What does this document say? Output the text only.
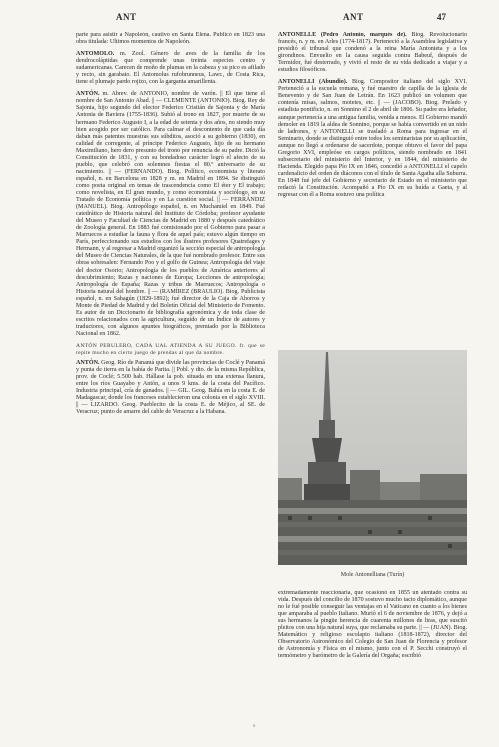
ANT	ANT	47

parte para asistir a Napoleón, cautivo en Santa Elena. Publicó en 1823 una obra titulada: Ultimos momentos de Napoleón.

ANTOMOLO. m. Zool. Género de aves de la familia de los dendrocoláptidas que comprende unas treinta especies centro y sudamericanas. Carecen de moño de plumas en la cabeza y su pico es afilado y recto, sin garabato. El Antomolus rufobrunneus, Lawr., de Costa Rica, tiene el plumaje pardo rojizo, con la garganta amarillenta.

ANTÓN. m. Abrev. de ANTONIO, nombre de varón. || El que tiene el nombre de San Antonio Abad. || — CLEMENTE (ANTONIO). Biog. Rey de Sajonia, hijo segundo del elector Federico Cristián de Sajonia y de María Antonia de Baviera (1755-1836). Subió al trono en 1827, por muerte de su hermano Federico Augusto I, a la edad de setenta y dos años, no siendo muy bien acogido por ser católico. Para calmar el descontento de que cada día daban más patentes muestras sus súbditos, asoció a su gobierno (1830), en calidad de corregente, al príncipe Federico Augusto, hijo de su hermano Maximiliano, hero dero presunto del trono por renuncia de su padre. Dictó la Constitución de 1831, y con su bondadoso carácter logró el afecto de su pueblo, que celebró con solemnes fiestas el 80.º aniversario de su nacimiento. || — (FERNANDO). Biog. Político, economista y literato español, n. en Barcelona en 1828 y m. en Madrid en 1894. Se distinguió como poeta original en temas de trascendencia como El éter y El trabajo; como novelista, en El gran mundo, y como economista y sociólogo, en su Tratado de Economía política y en La cuestión social. || — FERRÁNDIZ (MANUEL). Biog. Antropólogo español, n. en Muchamiel en 1849. Fué catedrático de Historia natural del Instituto de Córdoba; profesor ayudante del Museo y Facultad de Ciencias de Madrid en 1880 y después catedrático de Zoología general. En 1883 fué comisionado por el Gobierno para pasar a Marruecos a estudiar la fauna y flora de aquel país; estuvo algún tiempo en París, perfeccionando sus estudios con los ilustres profesores Quatrefages y Hermann, y al regresar a Madrid organizó la sección especial de antropología del Museo de Ciencias Naturales, de la que fué nombrado profesor. Entre sus obras sobresalen: Fernando Poo y el golfo de Guinea; Antropología del viaje del doctor Osorio; Antropología de los pueblos de América anteriores al descubrimiento; Razas y naciones de Europa; Lecciones de antropología; Antropología de España; Razas y tribus de Marruecos; Antropología o Historia natural del hombre. || — (RAMÍREZ (BRAULIO). Biog. Publicista español, n. en Sahagún (1829-1892); fué director de la Caja de Ahorros y Monte de Piedad de Madrid y del Boletín Oficial del Ministerio de Fomento. Es autor de un Diccionario de bibliografía agronómica y de toda clase de escritos relacionados con la agricultura, seguido de un Índice de autores y traductores, con algunos apuntes biográficos, premiado por la Biblioteca Nacional en 1862.

ANTÓN PERULERO, CADA UAL ATIENDA A SU JUEGO. fr. que se repite mucho en cierto juego de prendas al que da nombre.

ANTÓN. Geog. Río de Panamá que divide las provincias de Coclé y Panamá y punta de tierra en la bahía de Parita. || Pobl. y dto. de la misma República, prov. de Coclé; 5.500 hab. Hállase la pob. situada en una extensa llanura, entre los ríos Guayabo y Antón, a unos 9 kms. de la costa del Pacífico. Industria principal, cría de ganados. || — GIL. Geog. Bahía en la costa E. de Madagascar, donde los franceses establecieron una colonia en el siglo XVIII. || — LIZARDO. Geog. Pueblecito de la costa E. de Méjico, al SE. de Veracruz; punto de amarre del cable de Veracruz a la Habana.

ANTONELLE (Pedro Antonio, marqués de). Biog. Revolucionario francés, n. y m. en Arles (1774-1817). Perteneció a la Asamblea legislativa y presidió el tribunal que condenó a la reina María Antonieta y a los girondinos. Envuelto en la causa seguida contra Babeuf, después de Termidor, fué desterrado, y vivió el resto de su vida dedicado a viajar y a estudios filosóficos.

ANTONELLI (Abundio). Biog. Compositor italiano del siglo XVI. Perteneció a la escuela romana, y fué maestro de capilla de la iglesia de Benevento y de San Juan de Letrán. En 1623 publicó un volumen que contenía misas, salmos, motetes, etc. || — (JACOBO). Biog. Prelado y estadista pontificio, n. en Sonnino el 2 de abril de 1806. Su padre era leñador, aunque pertenecía a una antigua familia, venida a menos. El Gobierno mandó demoler en 1819 la aldea de Sonnino, porque se había convertido en un nido de ladrones, y ANTONELLI se trasladó a Roma para ingresar en el Seminario, donde se distinguió entre todos los seminaristas por su aplicación, aunque no llegó a ordenarse de sacerdote, porque obtuvo el favor del papa Gregorio XVI, empleóse en cargos políticos, siendo nombrado en 1841 subsecretario del ministerio del Interior, y en 1844, del ministerio de Hacienda. Elegido papa Pío IX en 1846, concedió a ANTONELLI el capelo cardenalicio del orden de diáconos con el título de Santa Agatha alla Suburra. En 1848 fué jefe del Gobierno y secretario de Estado en el ministerio que redactó la Constitución. Acompañó a Pío IX en su huída a Gaeta, y al regresar con él a Roma sostuvo una política

Mole Antonelliana (Turín)

extremadamente reaccionaria, que ocasionó en 1855 un atentado contra su vida. Después del concilio de 1870 sostuvo mucho tacto diplomático, aunque no le fué posible conseguir las ventajas en el Vaticano en cuanto a los bienes que amparaba al pueblo Italiano. Murió el 6 de noviembre de 1876, y dejó a sus hermanos la pingüe herencia de cuarenta millones de liras, que suscitó pleitos con una hija natural suya, que reclamaba su parte. || — (JUAN). Biog. Matemático y religioso escolapio italiano (1818-1872), director del Observatorio Astronómico del Colegio de San Juan de Florencia y profesor de Astronomía y Física en el mismo, junto con el P. Secchi construyó el termómetro y barómetro de la Galería del Orgaña; escribió

ᵒ
